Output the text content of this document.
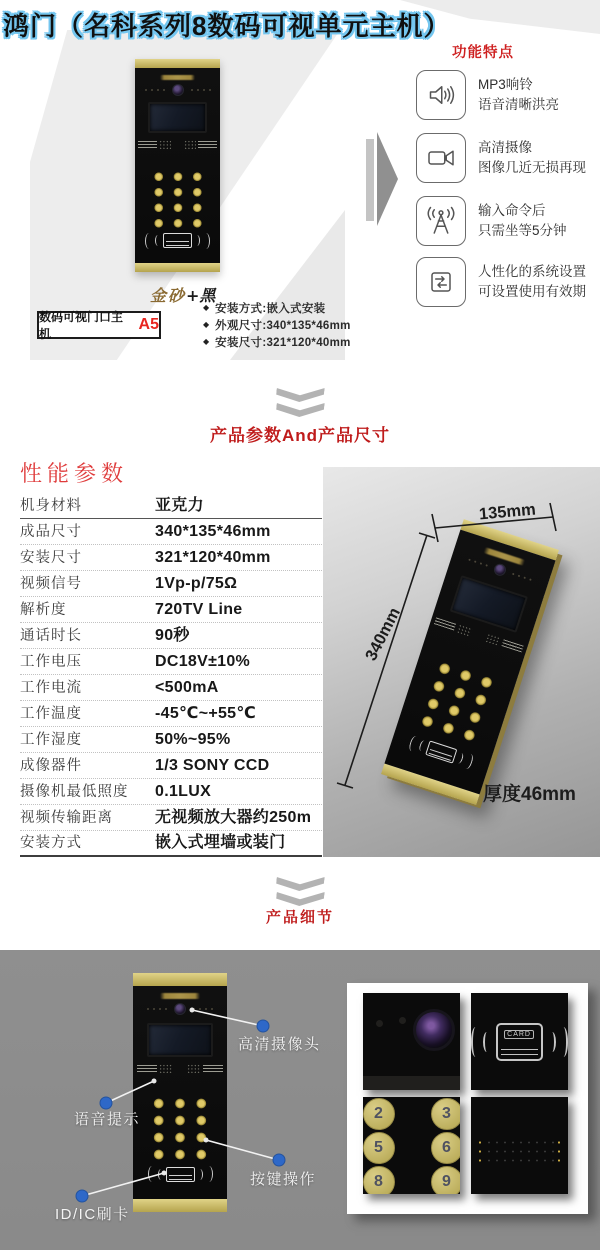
鸿门（名科系列8数码可视单元主机）
金砂+黑
数码可视门口主机
A5
◆ 安装方式:嵌入式安装
◆ 外观尺寸:340*135*46mm
◆ 安装尺寸:321*120*40mm
功能特点
MP3响铃
语音清晰洪亮
高清摄像
图像几近无损再现
输入命令后
只需坐等5分钟
人性化的系统设置
可设置使用有效期
产品参数And产品尺寸
性能参数
机身材料	亚克力
成品尺寸	340*135*46mm
安装尺寸	321*120*40mm
视频信号	1Vp-p/75Ω
解析度	720TV Line
通话时长	90秒
工作电压	DC18V±10%
工作电流	<500mA
工作温度	-45℃~+55℃
工作湿度	50%~95%
成像器件	1/3 SONY CCD
摄像机最低照度	0.1LUX
视频传输距离	无视频放大器约250m
安装方式	嵌入式埋墙或装门
135mm
340mm
厚度46mm
产品细节
高清摄像头
语音提示
按键操作
ID/IC刷卡
CARD
2	3
5	6
8	9
